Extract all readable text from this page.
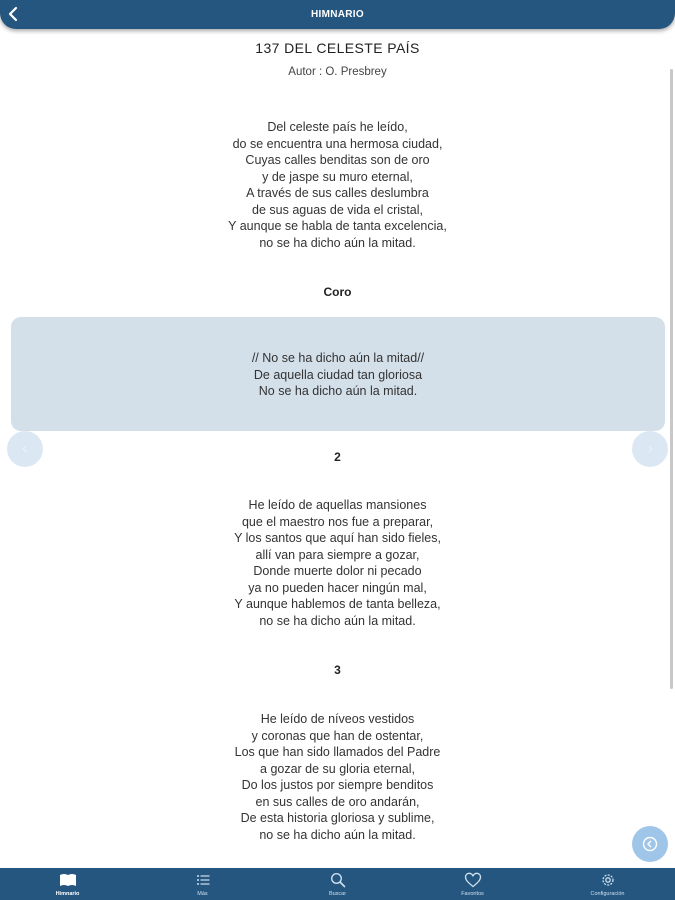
HIMNARIO
137 DEL CELESTE PAÍS
Autor : O. Presbrey
Del celeste país he leído,
do se encuentra una hermosa ciudad,
Cuyas calles benditas son de oro
y de jaspe su muro eternal,
A través de sus calles deslumbra
de sus aguas de vida el cristal,
Y aunque se habla de tanta excelencia,
no se ha dicho aún la mitad.
Coro
// No se ha dicho aún la mitad//
De aquella ciudad tan gloriosa
No se ha dicho aún la mitad.
2
He leído de aquellas mansiones
que el maestro nos fue a preparar,
Y los santos que aquí han sido fieles,
allí van para siempre a gozar,
Donde muerte dolor ni pecado
ya no pueden hacer ningún mal,
Y aunque hablemos de tanta belleza,
no se ha dicho aún la mitad.
3
He leído de níveos vestidos
y coronas que han de ostentar,
Los que han sido llamados del Padre
a gozar de su gloria eternal,
Do los justos por siempre benditos
en sus calles de oro andarán,
De esta historia gloriosa y sublime,
no se ha dicho aún la mitad.
Himnario	Más	Buscar	Favoritos	Configuración
